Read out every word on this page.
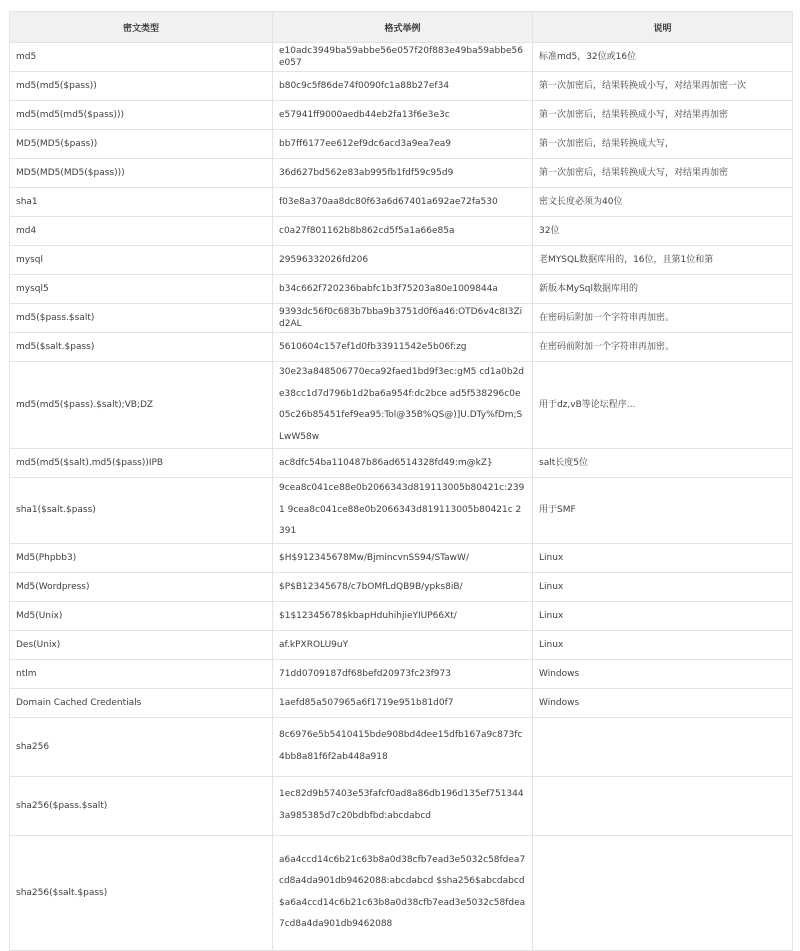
密文类型	格式举例	说明
md5	e10adc3949ba59abbe56e057f20f883e49ba59abbe56e057	标准md5，32位或16位
md5(md5($pass))	b80c9c5f86de74f0090fc1a88b27ef34	第一次加密后，结果转换成小写，对结果再加密一次
md5(md5(md5($pass)))	e57941ff9000aedb44eb2fa13f6e3e3c	第一次加密后，结果转换成小写，对结果再加密
MD5(MD5($pass))	bb7ff6177ee612ef9dc6acd3a9ea7ea9	第一次加密后，结果转换成大写，
MD5(MD5(MD5($pass)))	36d627bd562e83ab995fb1fdf59c95d9	第一次加密后，结果转换成大写，对结果再加密
sha1	f03e8a370aa8dc80f63a6d67401a692ae72fa530	密文长度必须为40位
md4	c0a27f801162b8b862cd5f5a1a66e85a	32位
mysql	29596332026fd206	老MYSQL数据库用的，16位，且第1位和第
mysql5	b34c662f720236babfc1b3f75203a80e1009844a	新版本MySql数据库用的
md5($pass.$salt)	9393dc56f0c683b7bba9b3751d0f6a46:OTD6v4c8I3Zid2AL	在密码后附加一个字符串再加密。
md5($salt.$pass)	5610604c157ef1d0fb33911542e5b06f:zg	在密码前附加一个字符串再加密。
md5(md5($pass).$salt);VB;DZ	30e23a848506770eca92faed1bd9f3ec:gM5 cd1a0b2de38cc1d7d796b1d2ba6a954f:dc2bce ad5f538296c0e05c26b85451fef9ea95:Tol@35B%QS@)]U.DTy%fDm;SLwW58w	用于dz,vB等论坛程序...
md5(md5($salt).md5($pass))IPB	ac8dfc54ba110487b86ad6514328fd49:m@kZ}	salt长度5位
sha1($salt.$pass)	9cea8c041ce88e0b2066343d819113005b80421c:2391 9cea8c041ce88e0b2066343d819113005b80421c 2391	用于SMF
Md5(Phpbb3)	$H$912345678Mw/BjmincvnSS94/STawW/	Linux
Md5(Wordpress)	$P$B12345678/c7bOMfLdQB9B/ypks8iB/	Linux
Md5(Unix)	$1$12345678$kbapHduhihjieYIUP66Xt/	Linux
Des(Unix)	af.kPXROLU9uY	Linux
ntlm	71dd0709187df68befd20973fc23f973	Windows
Domain Cached Credentials	1aefd85a507965a6f1719e951b81d0f7	Windows
sha256	8c6976e5b5410415bde908bd4dee15dfb167a9c873fc4bb8a81f6f2ab448a918	

sha256($pass.$salt)	1ec82d9b57403e53fafcf0ad8a86db196d135ef7513443a985385d7c20bdbfbd:abcdabcd	

sha256($salt.$pass)	a6a4ccd14c6b21c63b8a0d38cfb7ead3e5032c58fdea7cd8a4da901db9462088:abcdabcd $sha256$abcdabcd$a6a4ccd14c6b21c63b8a0d38cfb7ead3e5032c58fdea7cd8a4da901db9462088	
